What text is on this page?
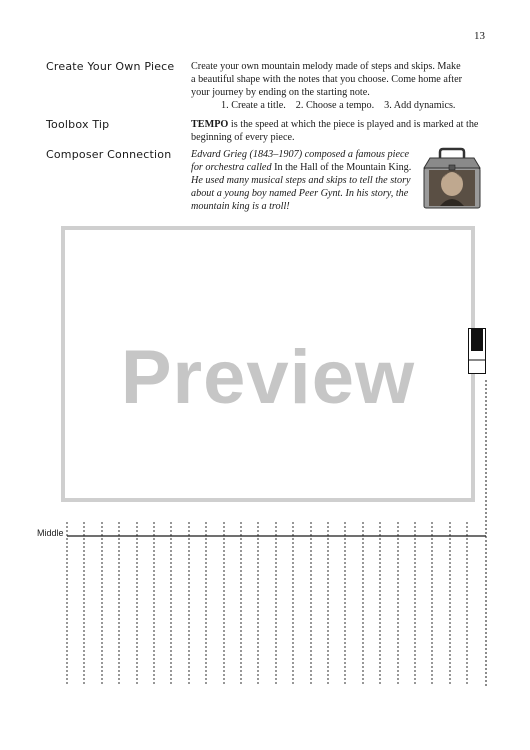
13
Create Your Own Piece	Create your own mountain melody made of steps and skips. Make
a beautiful shape with the notes that you choose. Come home after
your journey by ending on the starting note.
1. Create a title. 2. Choose a tempo. 3. Add dynamics.
Toolbox Tip	TEMPO is the speed at which the piece is played and is marked at the beginning of every piece.
Composer Connection	Edvard Grieg (1843–1907) composed a famous piece for orchestra called In the Hall of the Mountain King. He used many musical steps and skips to tell the story about a young boy named Peer Gynt. In his story, the mountain king is a troll!
Middle
Preview
